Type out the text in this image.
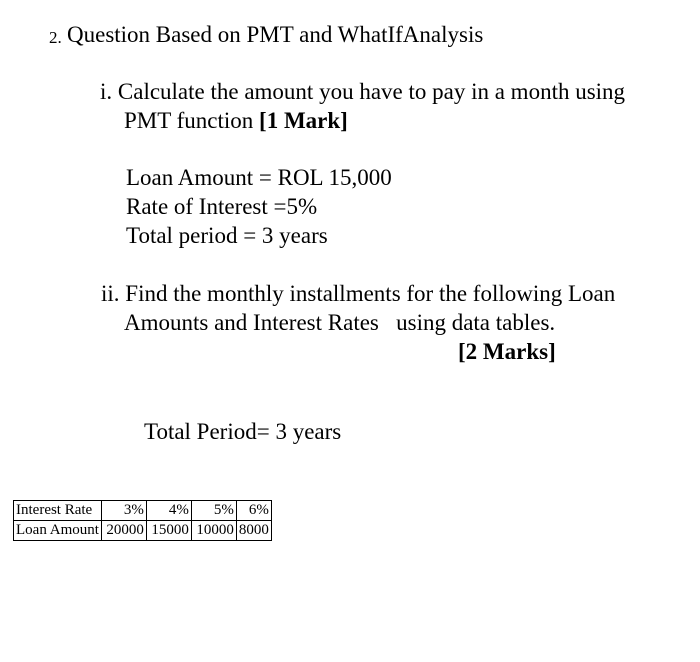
2. Question Based on PMT and WhatIfAnalysis
i. Calculate the amount you have to pay in a month using
PMT function [1 Mark]
Loan Amount = ROL 15,000
Rate of Interest =5%
Total period = 3 years
ii. Find the monthly installments for the following Loan
Amounts and Interest Rates   using data tables.
[2 Marks]
Total Period= 3 years
Interest Rate	3%	4%	5%	6%
Loan Amount	20000	15000	10000	8000
